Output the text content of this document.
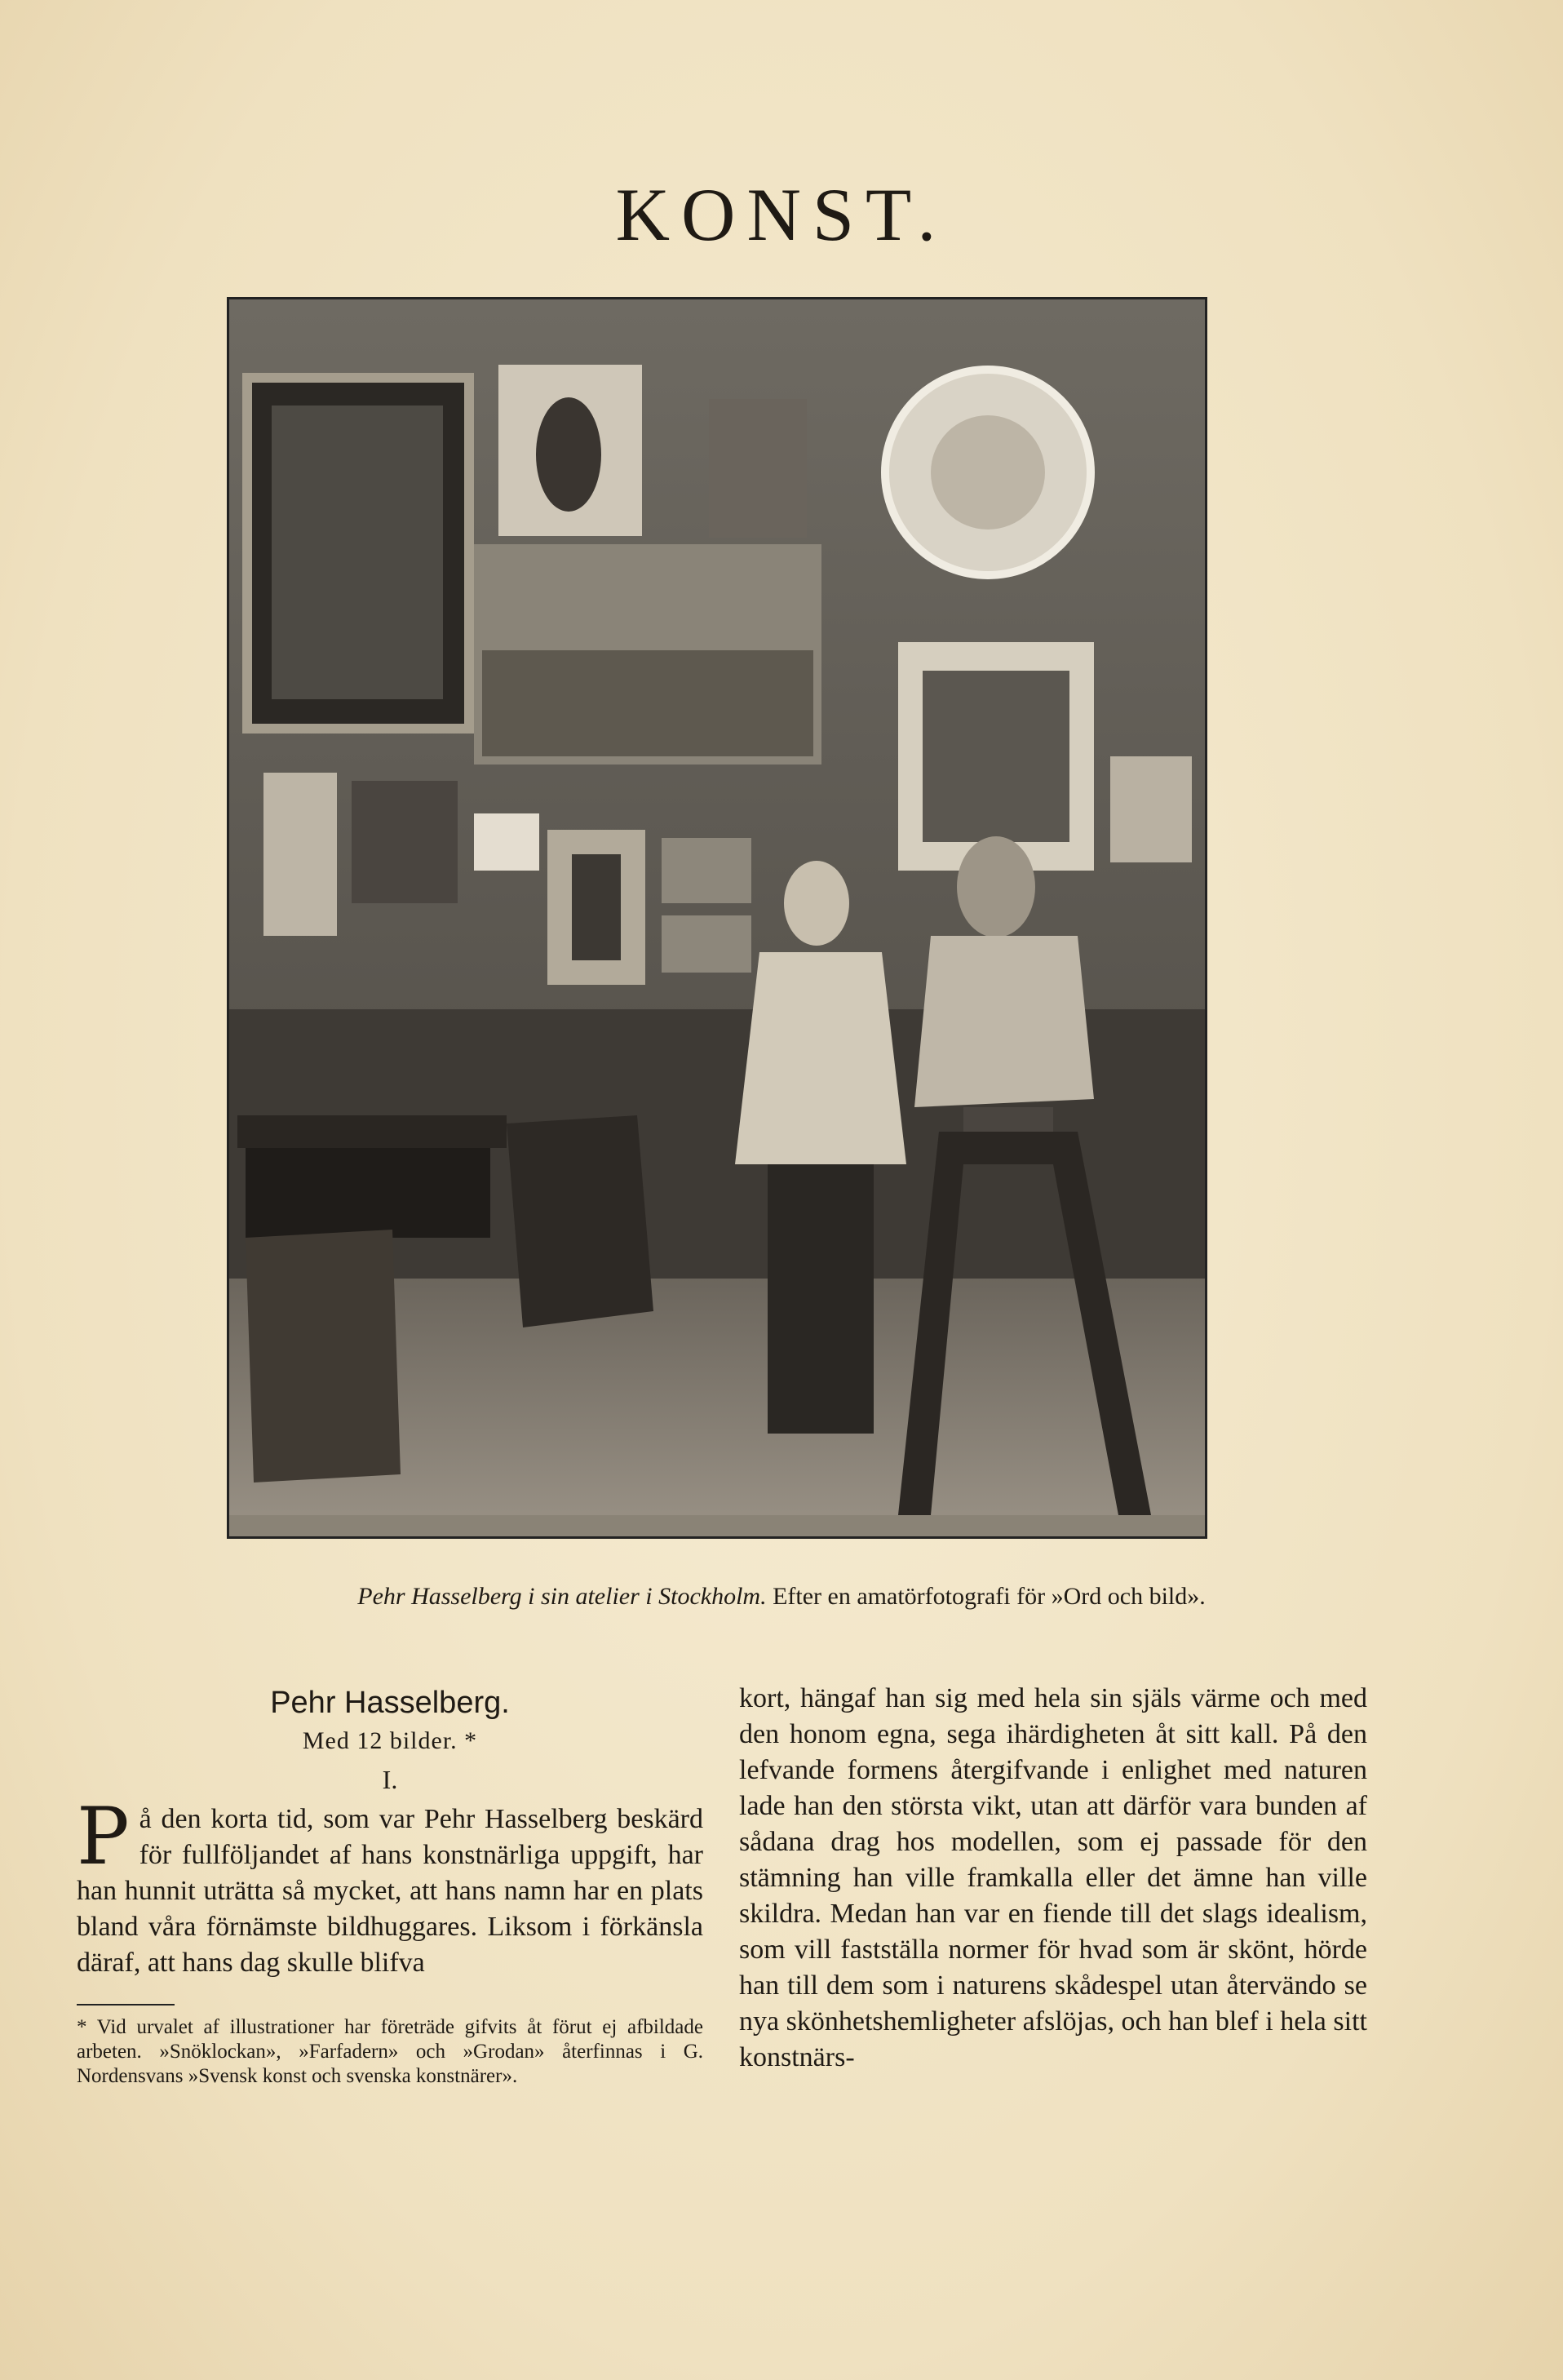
KONST.
Pehr Hasselberg i sin atelier i Stockholm. Efter en amatörfotografi för »Ord och bild».
Pehr Hasselberg.
Med 12 bilder. *
I.
På den korta tid, som var Pehr Hasselberg beskärd för fullföljandet af hans konstnärliga uppgift, har han hunnit uträtta så mycket, att hans namn har en plats bland våra förnämste bildhuggares. Liksom i förkänsla däraf, att hans dag skulle blifva
* Vid urvalet af illustrationer har företräde gifvits åt förut ej afbildade arbeten. »Snöklockan», »Farfadern» och »Grodan» återfinnas i G. Nordensvans »Svensk konst och svenska konstnärer».
kort, hängaf han sig med hela sin själs värme och med den honom egna, sega ihärdigheten åt sitt kall. På den lefvande formens återgifvande i enlighet med naturen lade han den största vikt, utan att därför vara bunden af sådana drag hos modellen, som ej passade för den stämning han ville framkalla eller det ämne han ville skildra. Medan han var en fiende till det slags idealism, som vill fastställa normer för hvad som är skönt, hörde han till dem som i naturens skådespel utan återvändo se nya skönhetshemligheter afslöjas, och han blef i hela sitt konstnärs-
